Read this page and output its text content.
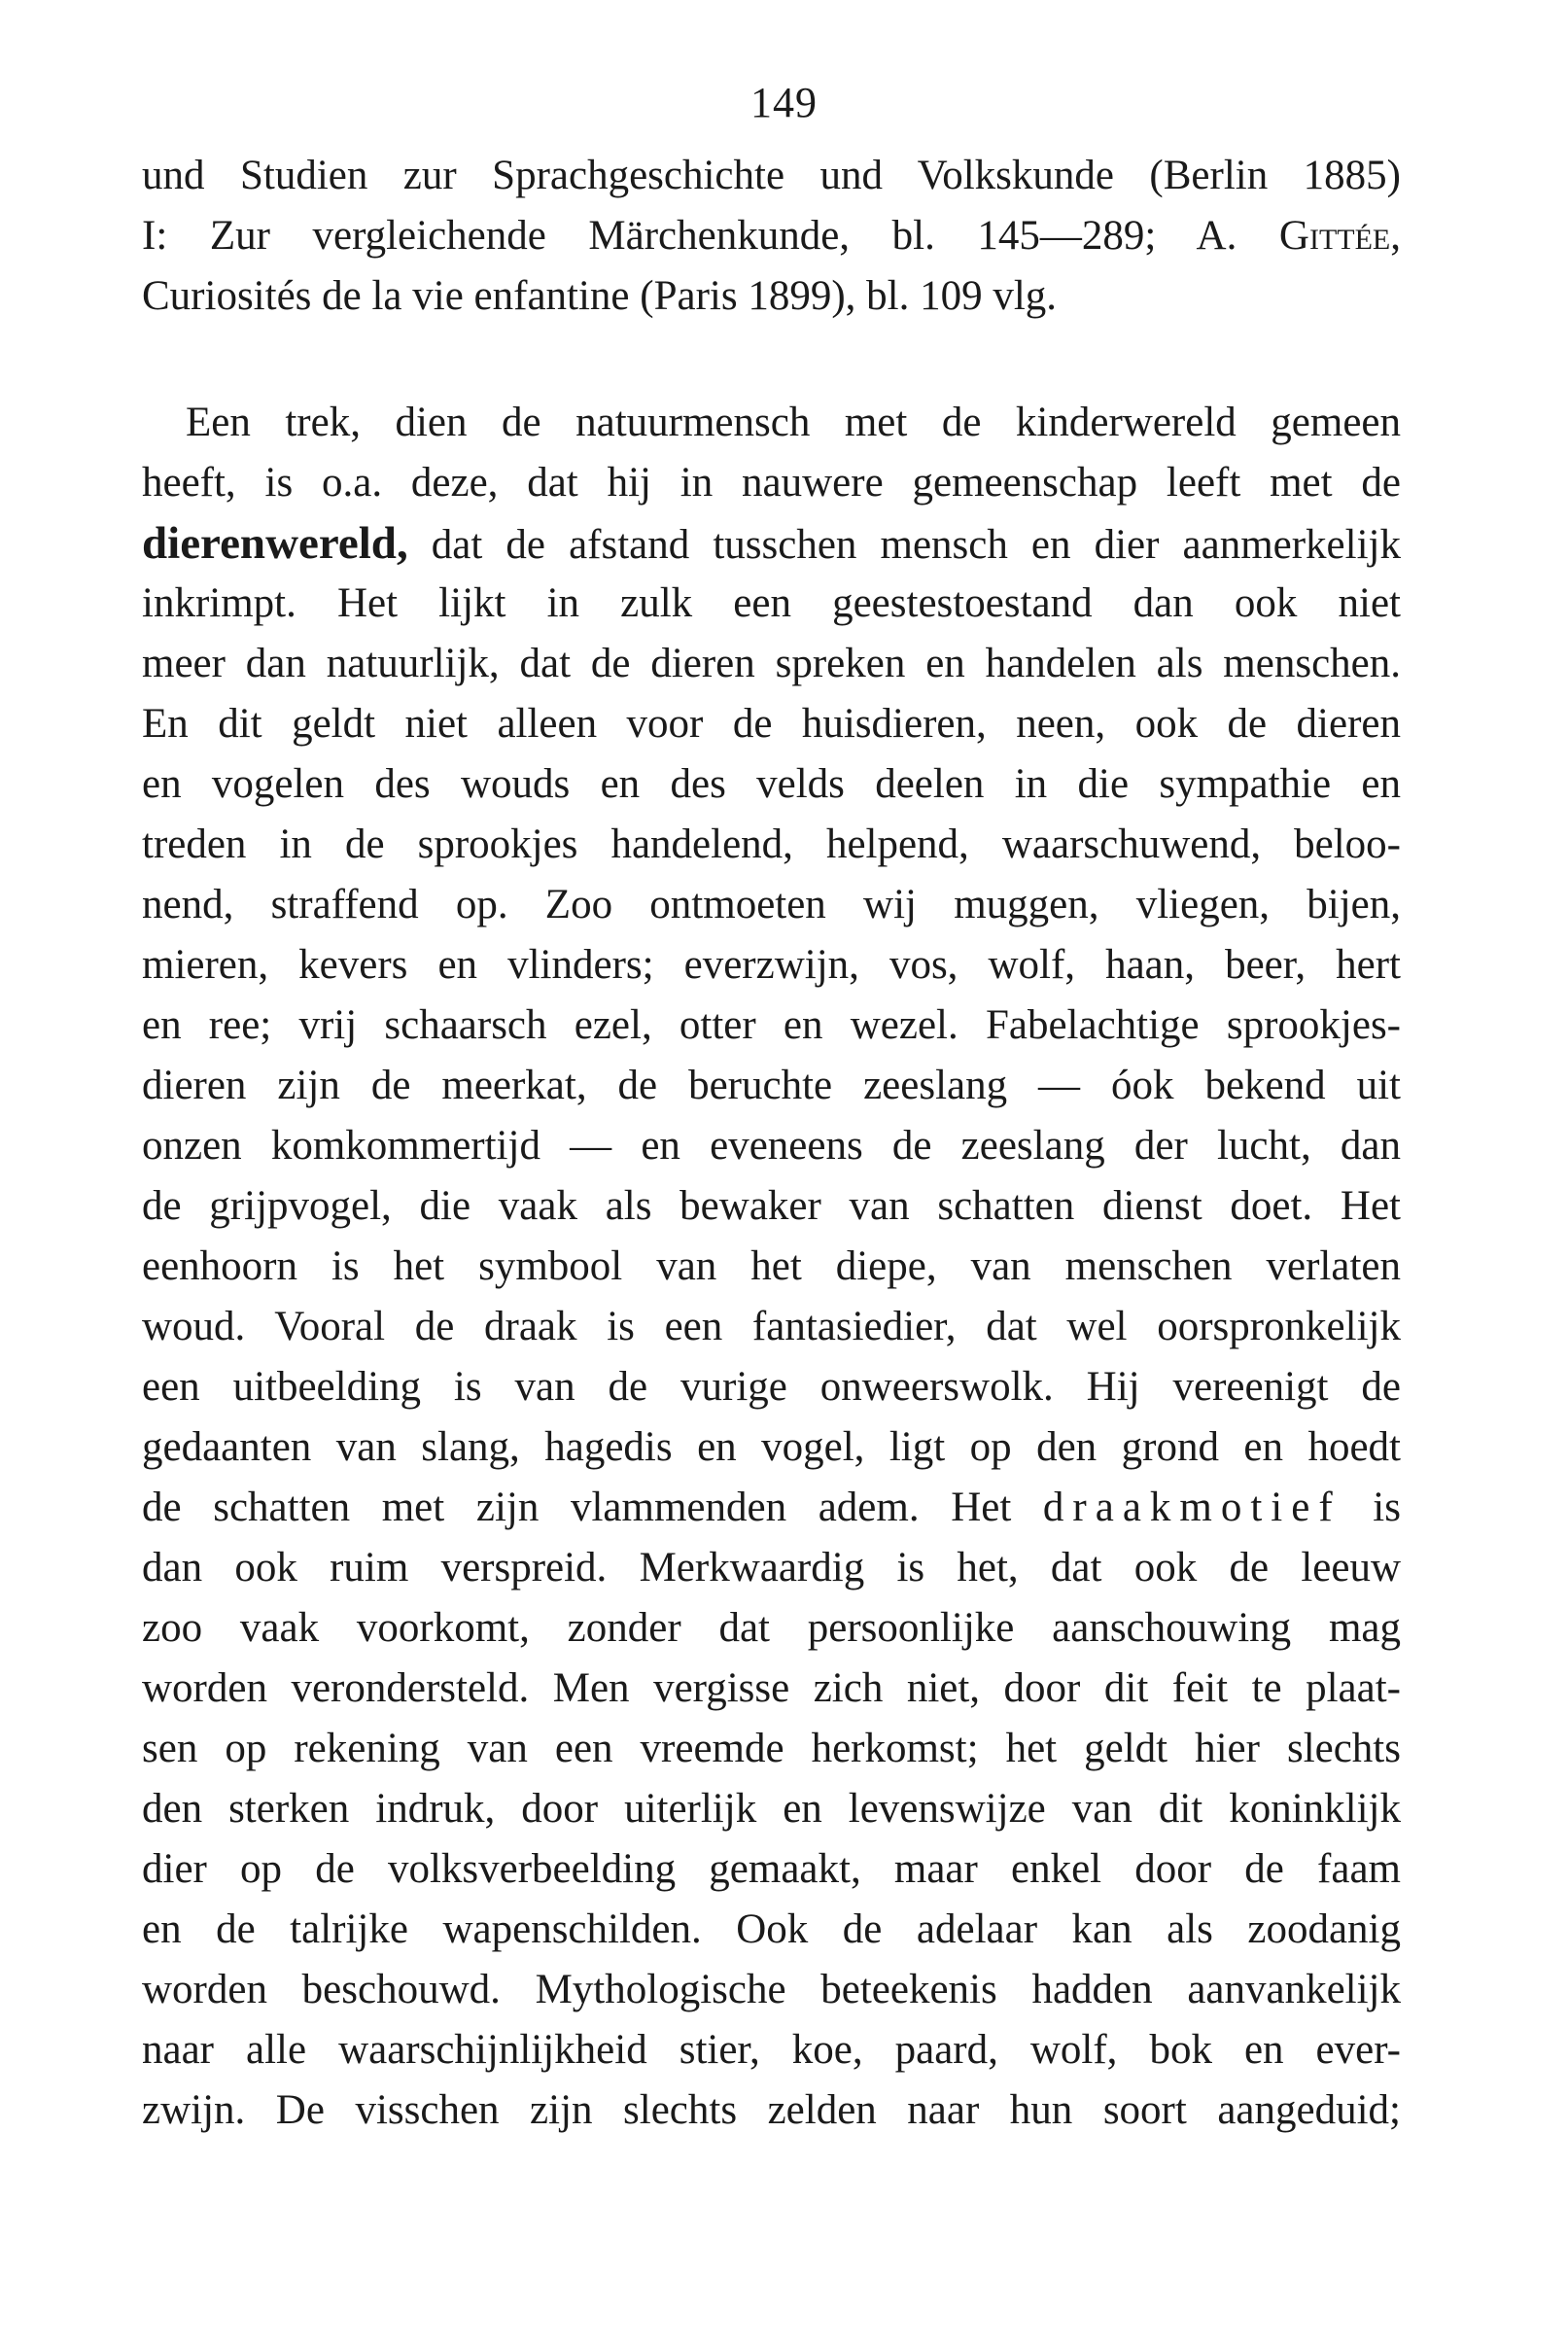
149
und Studien zur Sprachgeschichte und Volkskunde (Berlin 1885)
I: Zur vergleichende Märchenkunde, bl. 145—289; A. Gittée,
Curiosités de la vie enfantine (Paris 1899), bl. 109 vlg.
Een trek, dien de natuurmensch met de kinderwereld gemeen
heeft, is o.a. deze, dat hij in nauwere gemeenschap leeft met de
dierenwereld, dat de afstand tusschen mensch en dier aanmerkelijk
inkrimpt. Het lijkt in zulk een geestestoestand dan ook niet
meer dan natuurlijk, dat de dieren spreken en handelen als menschen.
En dit geldt niet alleen voor de huisdieren, neen, ook de dieren
en vogelen des wouds en des velds deelen in die sympathie en
treden in de sprookjes handelend, helpend, waarschuwend, beloo-
nend, straffend op. Zoo ontmoeten wij muggen, vliegen, bijen,
mieren, kevers en vlinders; everzwijn, vos, wolf, haan, beer, hert
en ree; vrij schaarsch ezel, otter en wezel. Fabelachtige sprookjes-
dieren zijn de meerkat, de beruchte zeeslang — óok bekend uit
onzen komkommertijd — en eveneens de zeeslang der lucht, dan
de grijpvogel, die vaak als bewaker van schatten dienst doet. Het
eenhoorn is het symbool van het diepe, van menschen verlaten
woud. Vooral de draak is een fantasiedier, dat wel oorspronkelijk
een uitbeelding is van de vurige onweerswolk. Hij vereenigt de
gedaanten van slang, hagedis en vogel, ligt op den grond en hoedt
de schatten met zijn vlammenden adem. Het draakmotief is
dan ook ruim verspreid. Merkwaardig is het, dat ook de leeuw
zoo vaak voorkomt, zonder dat persoonlijke aanschouwing mag
worden verondersteld. Men vergisse zich niet, door dit feit te plaat-
sen op rekening van een vreemde herkomst; het geldt hier slechts
den sterken indruk, door uiterlijk en levenswijze van dit koninklijk
dier op de volksverbeelding gemaakt, maar enkel door de faam
en de talrijke wapenschilden. Ook de adelaar kan als zoodanig
worden beschouwd. Mythologische beteekenis hadden aanvankelijk
naar alle waarschijnlijkheid stier, koe, paard, wolf, bok en ever-
zwijn. De visschen zijn slechts zelden naar hun soort aangeduid;
